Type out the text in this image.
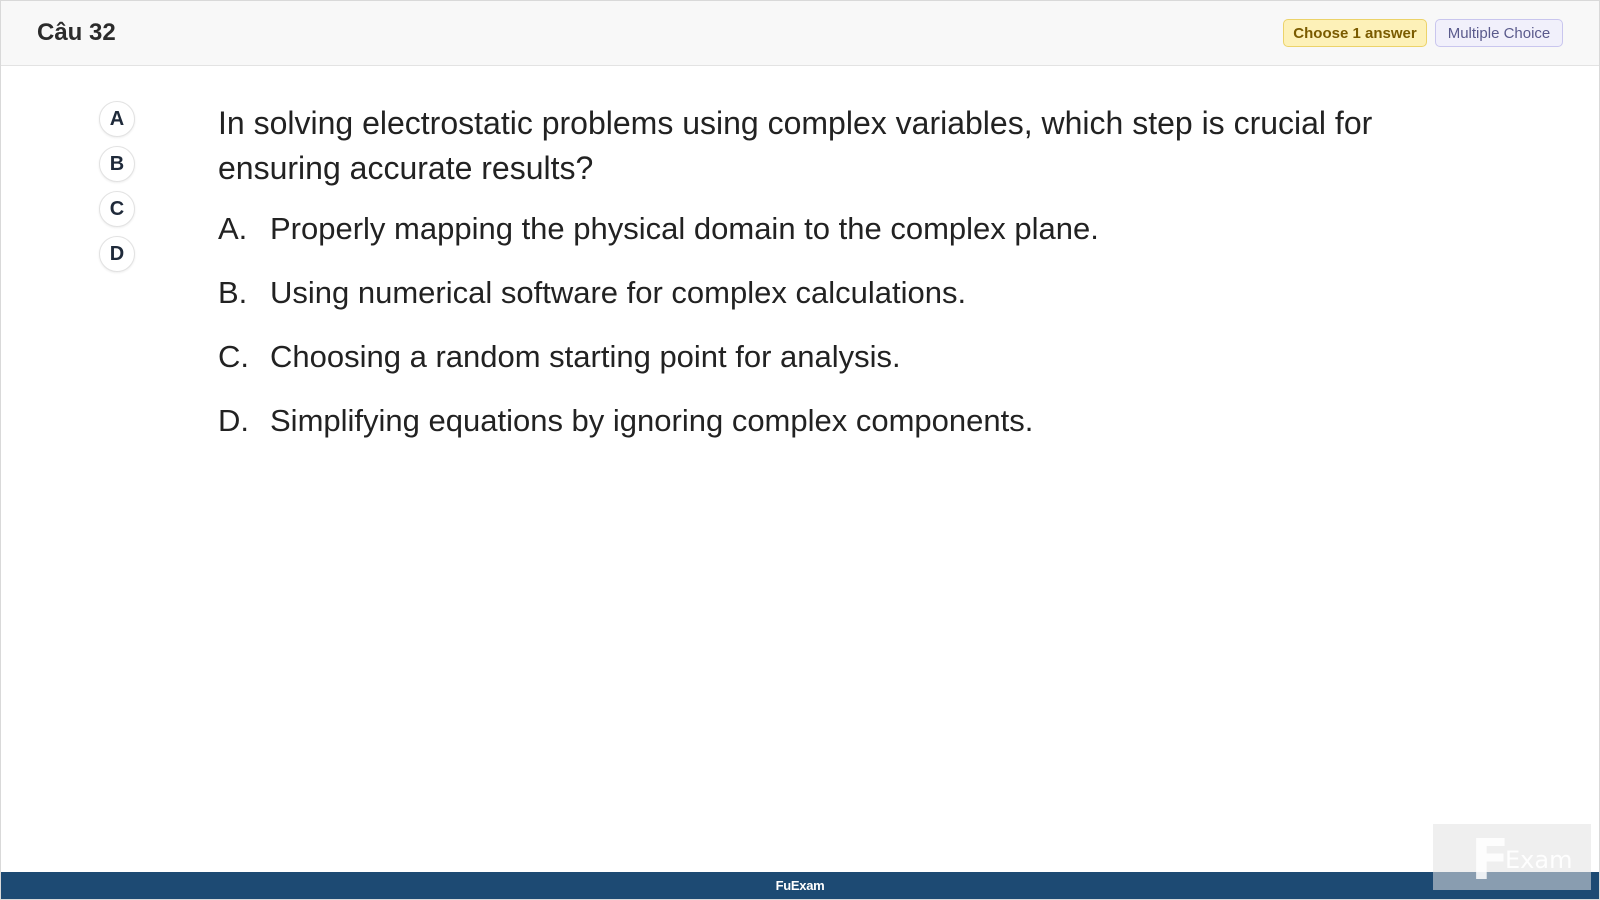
Câu 32	Choose 1 answer	Multiple Choice
A
B
C
D
In solving electrostatic problems using complex variables, which step is crucial for ensuring accurate results?
A. Properly mapping the physical domain to the complex plane.
B. Using numerical software for complex calculations.
C. Choosing a random starting point for analysis.
D. Simplifying equations by ignoring complex components.
FuExam	F
Exam
